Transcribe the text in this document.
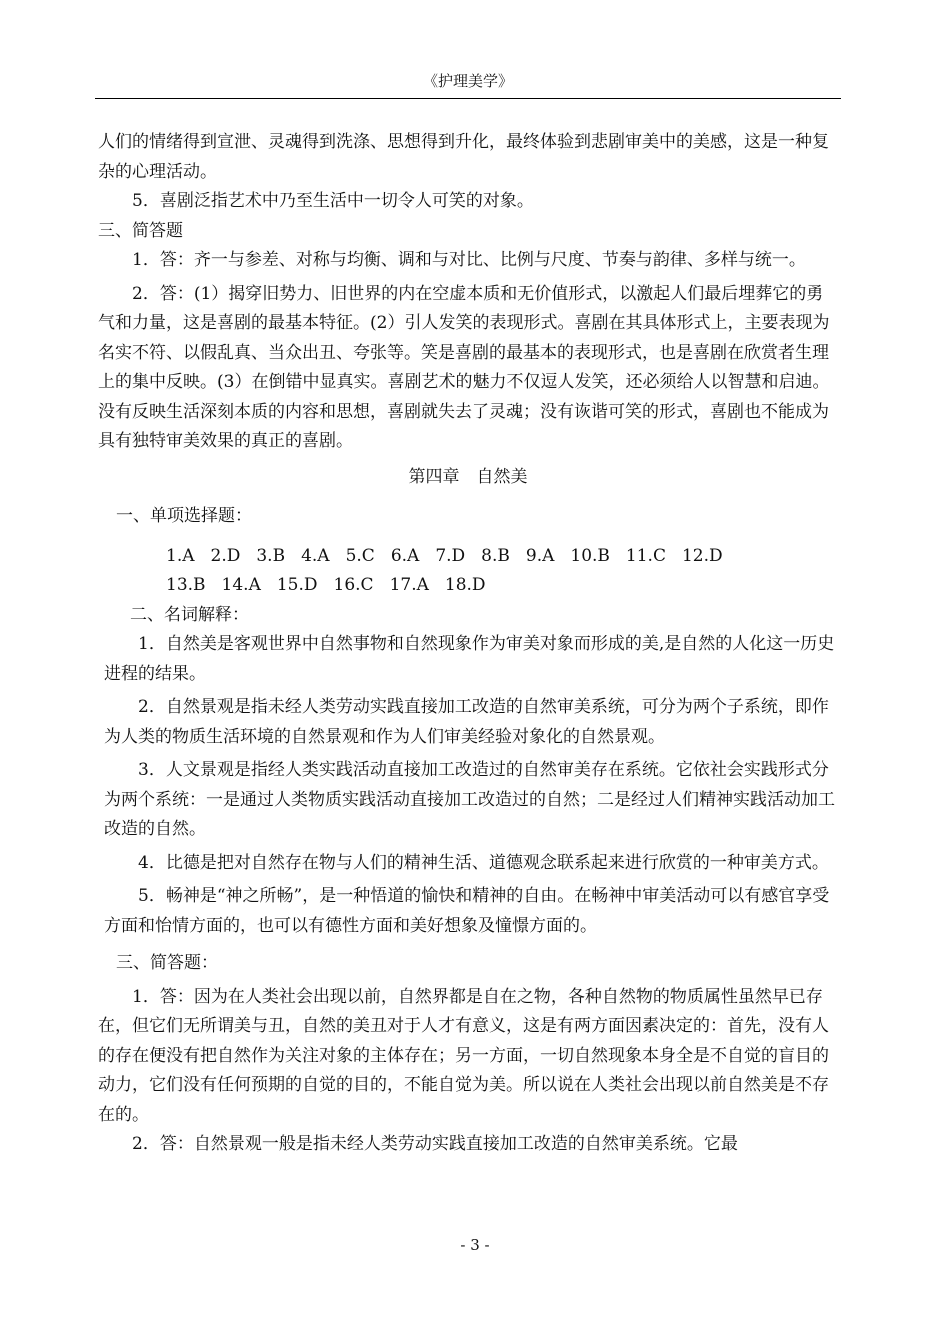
《护理美学》

人们的情绪得到宣泄、灵魂得到洗涤、思想得到升化，最终体验到悲剧审美中的美感，这是一种复杂的心理活动。

5．喜剧泛指艺术中乃至生活中一切令人可笑的对象。

三、简答题

1．答：齐一与参差、对称与均衡、调和与对比、比例与尺度、节奏与韵律、多样与统一。

2．答：(1）揭穿旧势力、旧世界的内在空虚本质和无价值形式，以激起人们最后埋葬它的勇气和力量，这是喜剧的最基本特征。(2）引人发笑的表现形式。喜剧在其具体形式上，主要表现为名实不符、以假乱真、当众出丑、夸张等。笑是喜剧的最基本的表现形式，也是喜剧在欣赏者生理上的集中反映。(3）在倒错中显真实。喜剧艺术的魅力不仅逗人发笑，还必须给人以智慧和启迪。没有反映生活深刻本质的内容和思想，喜剧就失去了灵魂；没有诙谐可笑的形式，喜剧也不能成为具有独特审美效果的真正的喜剧。

第四章　自然美

一、单项选择题：

1.A 2.D 3.B 4.A 5.C 6.A 7.D 8.B 9.A 10.B 11.C 12.D
13.B 14.A 15.D 16.C 17.A 18.D

二、名词解释：

1．自然美是客观世界中自然事物和自然现象作为审美对象而形成的美,是自然的人化这一历史进程的结果。

2．自然景观是指未经人类劳动实践直接加工改造的自然审美系统，可分为两个子系统，即作为人类的物质生活环境的自然景观和作为人们审美经验对象化的自然景观。

3．人文景观是指经人类实践活动直接加工改造过的自然审美存在系统。它依社会实践形式分为两个系统：一是通过人类物质实践活动直接加工改造过的自然；二是经过人们精神实践活动加工改造的自然。

4．比德是把对自然存在物与人们的精神生活、道德观念联系起来进行欣赏的一种审美方式。

5．畅神是“神之所畅”，是一种悟道的愉快和精神的自由。在畅神中审美活动可以有感官享受方面和怡情方面的，也可以有德性方面和美好想象及憧憬方面的。

三、简答题：

1．答：因为在人类社会出现以前，自然界都是自在之物，各种自然物的物质属性虽然早已存在，但它们无所谓美与丑，自然的美丑对于人才有意义，这是有两方面因素决定的：首先，没有人的存在便没有把自然作为关注对象的主体存在；另一方面，一切自然现象本身全是不自觉的盲目的动力，它们没有任何预期的自觉的目的，不能自觉为美。所以说在人类社会出现以前自然美是不存在的。

2．答：自然景观一般是指未经人类劳动实践直接加工改造的自然审美系统。它最

- 3 -
